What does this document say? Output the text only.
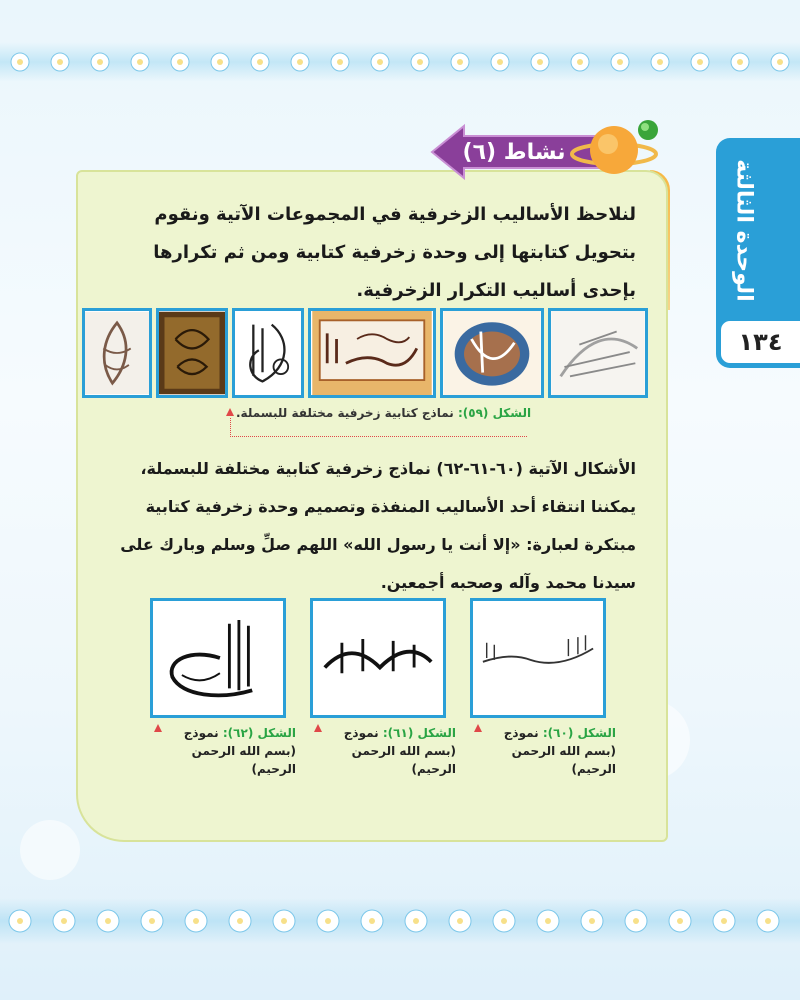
الوحدة الثالثة
١٣٤
نشاط (٦)
لنلاحظ الأساليب الزخرفية في المجموعات الآتية ونقوم بتحويل كتابتها إلى وحدة زخرفية كتابية ومن ثم تكرارها بإحدى أساليب التكرار الزخرفية.
الشكل (٥٩): نماذج كتابية زخرفية مختلفة للبسملة.
الأشكال الآتية (٦٠-٦١-٦٢) نماذج زخرفية كتابية مختلفة للبسملة، يمكننا انتقاء أحد الأساليب المنفذة وتصميم وحدة زخرفية كتابية مبتكرة لعبارة: «إلا أنت يا رسول الله» اللهم صلِّ وسلم وبارك على سيدنا محمد وآله وصحبه أجمعين.
الشكل (٦٢): نموذج
(بسم الله الرحمن الرحيم)
الشكل (٦١): نموذج
(بسم الله الرحمن الرحيم)
الشكل (٦٠): نموذج
(بسم الله الرحمن الرحيم)
